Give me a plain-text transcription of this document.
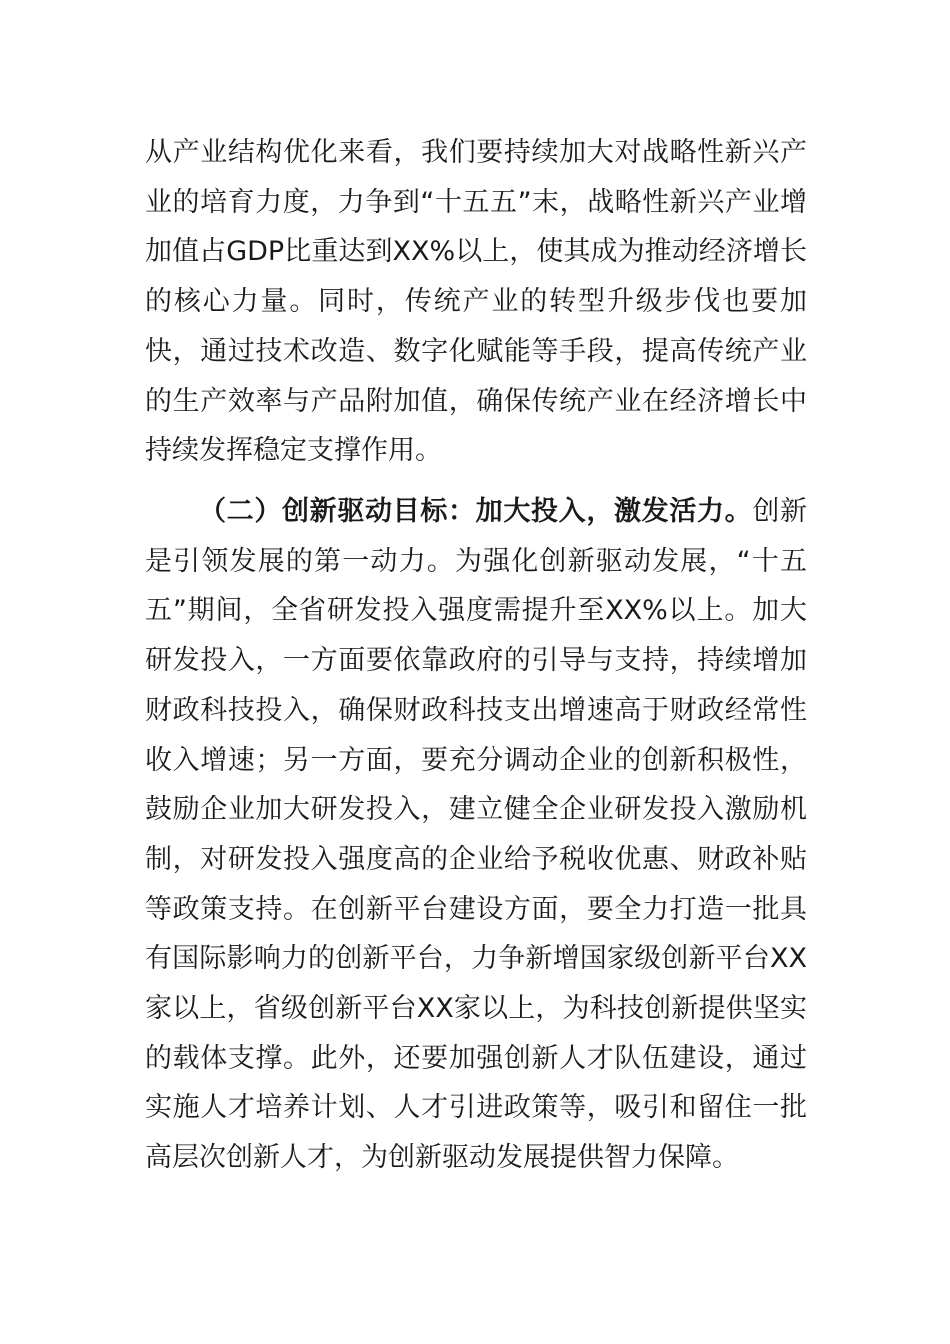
从产业结构优化来看，我们要持续加大对战略性新兴产业的培育力度，力争到“十五五”末，战略性新兴产业增加值占GDP比重达到XX%以上，使其成为推动经济增长的核心力量。同时，传统产业的转型升级步伐也要加快，通过技术改造、数字化赋能等手段，提高传统产业的生产效率与产品附加值，确保传统产业在经济增长中持续发挥稳定支撑作用。

（二）创新驱动目标：加大投入，激发活力。创新是引领发展的第一动力。为强化创新驱动发展，“十五五”期间，全省研发投入强度需提升至XX%以上。加大研发投入，一方面要依靠政府的引导与支持，持续增加财政科技投入，确保财政科技支出增速高于财政经常性收入增速；另一方面，要充分调动企业的创新积极性，鼓励企业加大研发投入，建立健全企业研发投入激励机制，对研发投入强度高的企业给予税收优惠、财政补贴等政策支持。在创新平台建设方面，要全力打造一批具有国际影响力的创新平台，力争新增国家级创新平台XX家以上，省级创新平台XX家以上，为科技创新提供坚实的载体支撑。此外，还要加强创新人才队伍建设，通过实施人才培养计划、人才引进政策等，吸引和留住一批高层次创新人才，为创新驱动发展提供智力保障。
